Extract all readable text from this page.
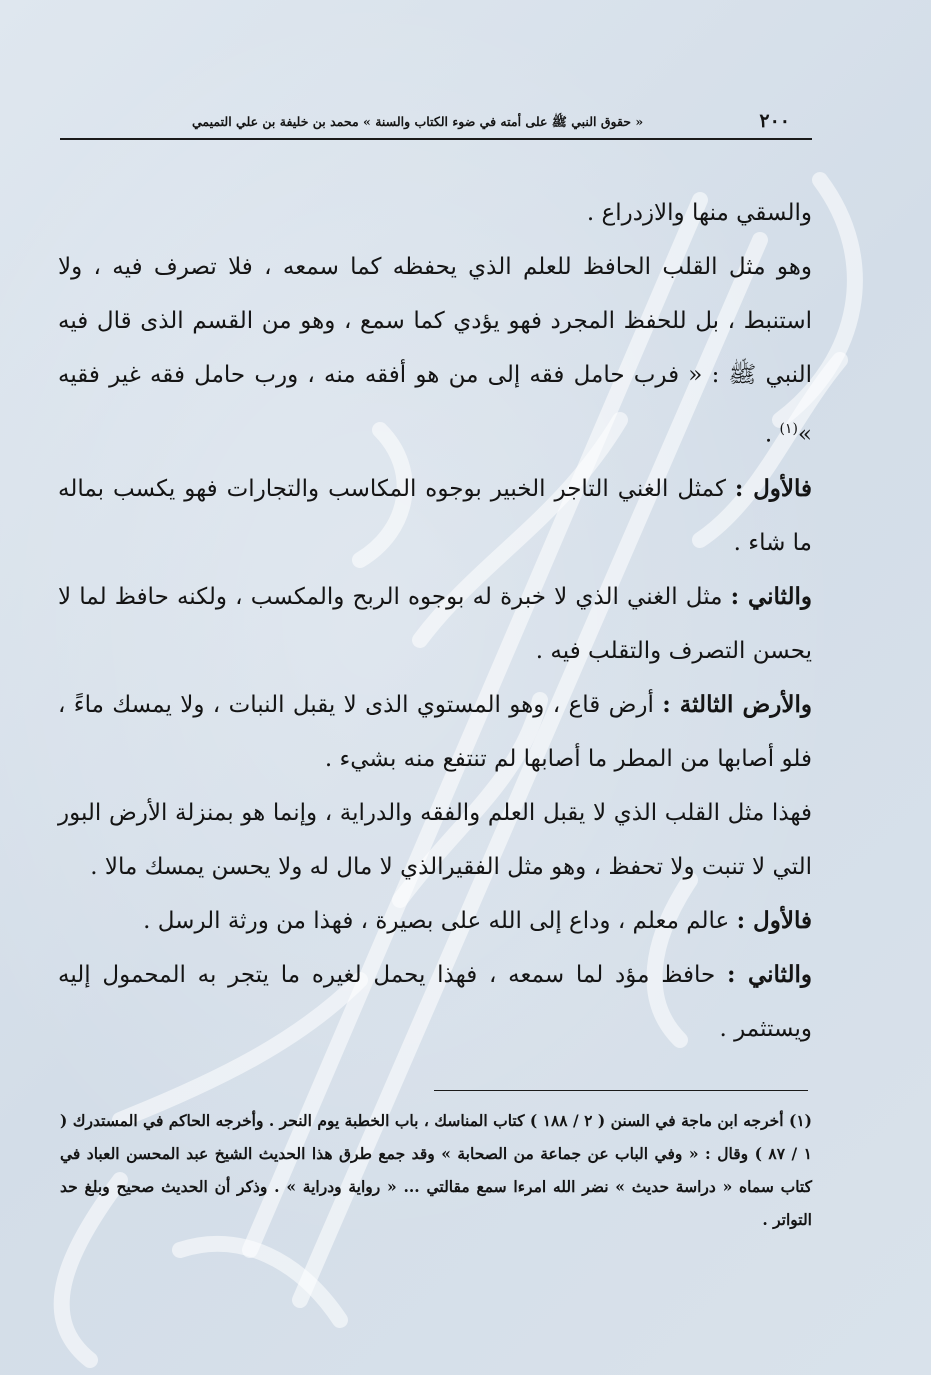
٢٠٠
« حقوق النبي ﷺ على أمته في ضوء الكتاب والسنة » محمد بن خليفة بن علي التميمي

والسقي منها والازدراع .

وهو مثل القلب الحافظ للعلم الذي يحفظه كما سمعه ، فلا تصرف فيه ، ولا استنبط ، بل للحفظ المجرد فهو يؤدي كما سمع ، وهو من القسم الذى قال فيه النبي ﷺ : « فرب حامل فقه إلى من هو أفقه منه ، ورب حامل فقه غير فقيه »$^{(١)}$ .

فالأول : كمثل الغني التاجر الخبير بوجوه المكاسب والتجارات فهو يكسب بماله ما شاء .

والثاني : مثل الغني الذي لا خبرة له بوجوه الربح والمكسب ، ولكنه حافظ لما لا يحسن التصرف والتقلب فيه .

والأرض الثالثة : أرض قاع ، وهو المستوي الذى لا يقبل النبات ، ولا يمسك ماءً ، فلو أصابها من المطر ما أصابها لم تنتفع منه بشيء .

فهذا مثل القلب الذي لا يقبل العلم والفقه والدراية ، وإنما هو بمنزلة الأرض البور التي لا تنبت ولا تحفظ ، وهو مثل الفقيرالذي لا مال له ولا يحسن يمسك مالا .

فالأول : عالم معلم ، وداع إلى الله على بصيرة ، فهذا من ورثة الرسل .

والثاني : حافظ مؤد لما سمعه ، فهذا يحمل لغيره ما يتجر به المحمول إليه ويستثمر .

(١) أخرجه ابن ماجة في السنن ( ٢ / ١٨٨ ) كتاب المناسك ، باب الخطبة يوم النحر . وأخرجه الحاكم في المستدرك ( ١ / ٨٧ ) وقال : « وفي الباب عن جماعة من الصحابة » وقد جمع طرق هذا الحديث الشيخ عبد المحسن العباد في كتاب سماه « دراسة حديث » نضر الله امرءا سمع مقالتي ... « رواية ودراية » . وذكر أن الحديث صحيح وبلغ حد التواتر .
